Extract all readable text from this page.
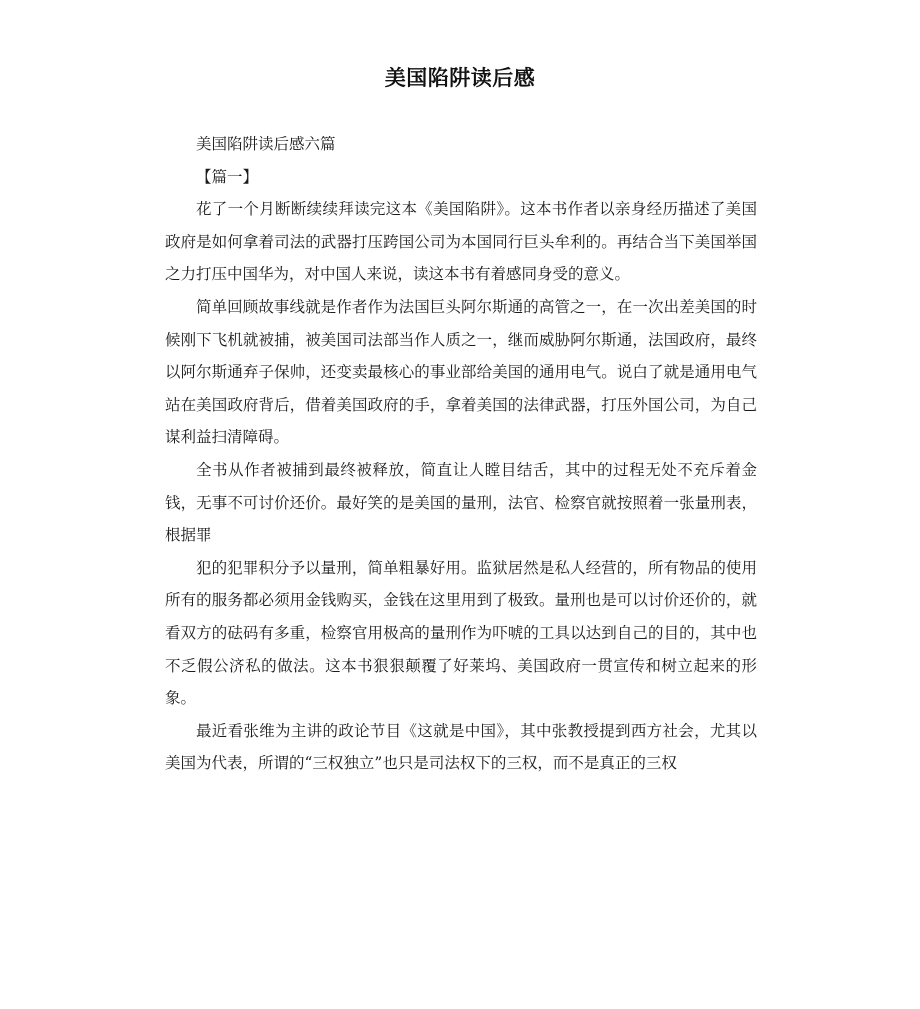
美国陷阱读后感

美国陷阱读后感六篇

【篇一】

花了一个月断断续续拜读完这本《美国陷阱》。这本书作者以亲身经历描述了美国政府是如何拿着司法的武器打压跨国公司为本国同行巨头牟利的。再结合当下美国举国之力打压中国华为，对中国人来说，读这本书有着感同身受的意义。

简单回顾故事线就是作者作为法国巨头阿尔斯通的高管之一，在一次出差美国的时候刚下飞机就被捕，被美国司法部当作人质之一，继而威胁阿尔斯通，法国政府，最终以阿尔斯通弃子保帅，还变卖最核心的事业部给美国的通用电气。说白了就是通用电气站在美国政府背后，借着美国政府的手，拿着美国的法律武器，打压外国公司，为自己谋利益扫清障碍。

全书从作者被捕到最终被释放，简直让人瞠目结舌，其中的过程无处不充斥着金钱，无事不可讨价还价。最好笑的是美国的量刑，法官、检察官就按照着一张量刑表，根据罪

犯的犯罪积分予以量刑，简单粗暴好用。监狱居然是私人经营的，所有物品的使用所有的服务都必须用金钱购买，金钱在这里用到了极致。量刑也是可以讨价还价的，就看双方的砝码有多重，检察官用极高的量刑作为吓唬的工具以达到自己的目的，其中也不乏假公济私的做法。这本书狠狠颠覆了好莱坞、美国政府一贯宣传和树立起来的形象。

最近看张维为主讲的政论节目《这就是中国》，其中张教授提到西方社会，尤其以美国为代表，所谓的“三权独立”也只是司法权下的三权，而不是真正的三权
